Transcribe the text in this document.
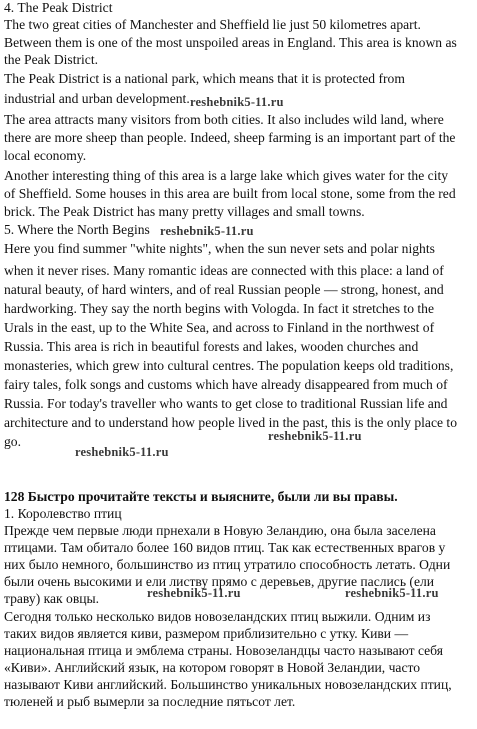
4. The Peak District
The two great cities of Manchester and Sheffield lie just 50 kilometres apart.
Between them is one of the most unspoiled areas in England. This area is known as
the Peak District.
The Peak District is a national park, which means that it is protected from
industrial and urban development.
The area attracts many visitors from both cities. It also includes wild land, where
there are more sheep than people. Indeed, sheep farming is an important part of the
local economy.
Another interesting thing of this area is a large lake which gives water for the city
of Sheffield. Some houses in this area are built from local stone, some from the red
brick. The Peak District has many pretty villages and small towns.
5. Where the North Begins
Here you find summer "white nights", when the sun never sets and polar nights
when it never rises. Many romantic ideas are connected with this place: a land of
natural beauty, of hard winters, and of real Russian people — strong, honest, and
hardworking. They say the north begins with Vologda. In fact it stretches to the
Urals in the east, up to the White Sea, and across to Finland in the northwest of
Russia. This area is rich in beautiful forests and lakes, wooden churches and
monasteries, which grew into cultural centres. The population keeps old traditions,
fairy tales, folk songs and customs which have already disappeared from much of
Russia. For today's traveller who wants to get close to traditional Russian life and
architecture and to understand how people lived in the past, this is the only place to
go.
128 Быстро прочитайте тексты и выясните, были ли вы правы.
1. Королевство птиц
Прежде чем первые люди прнехали в Новую Зеландию, она была заселена
птицами. Там обитало более 160 видов птиц. Так как естественных врагов у
них было немного, большинство из птиц утратило способность летать. Одни
были очень высокими и ели листву прямо с деревьев, другие паслись (ели
траву) как овцы.
Сегодня только несколько видов новозеландских птиц выжили. Одним из
таких видов является киви, размером приблизительно с утку. Киви —
национальная птица и эмблема страны. Новозеландцы часто называют себя
«Киви». Английский язык, на котором говорят в Новой Зеландии, часто
называют Киви английский. Большинство уникальных новозеландских птиц,
тюленей и рыб вымерли за последние пятьсот лет.
reshebnik5-11.ru
reshebnik5-11.ru
reshebnik5-11.ru
reshebnik5-11.ru
reshebnik5-11.ru	reshebnik5-11.ru
